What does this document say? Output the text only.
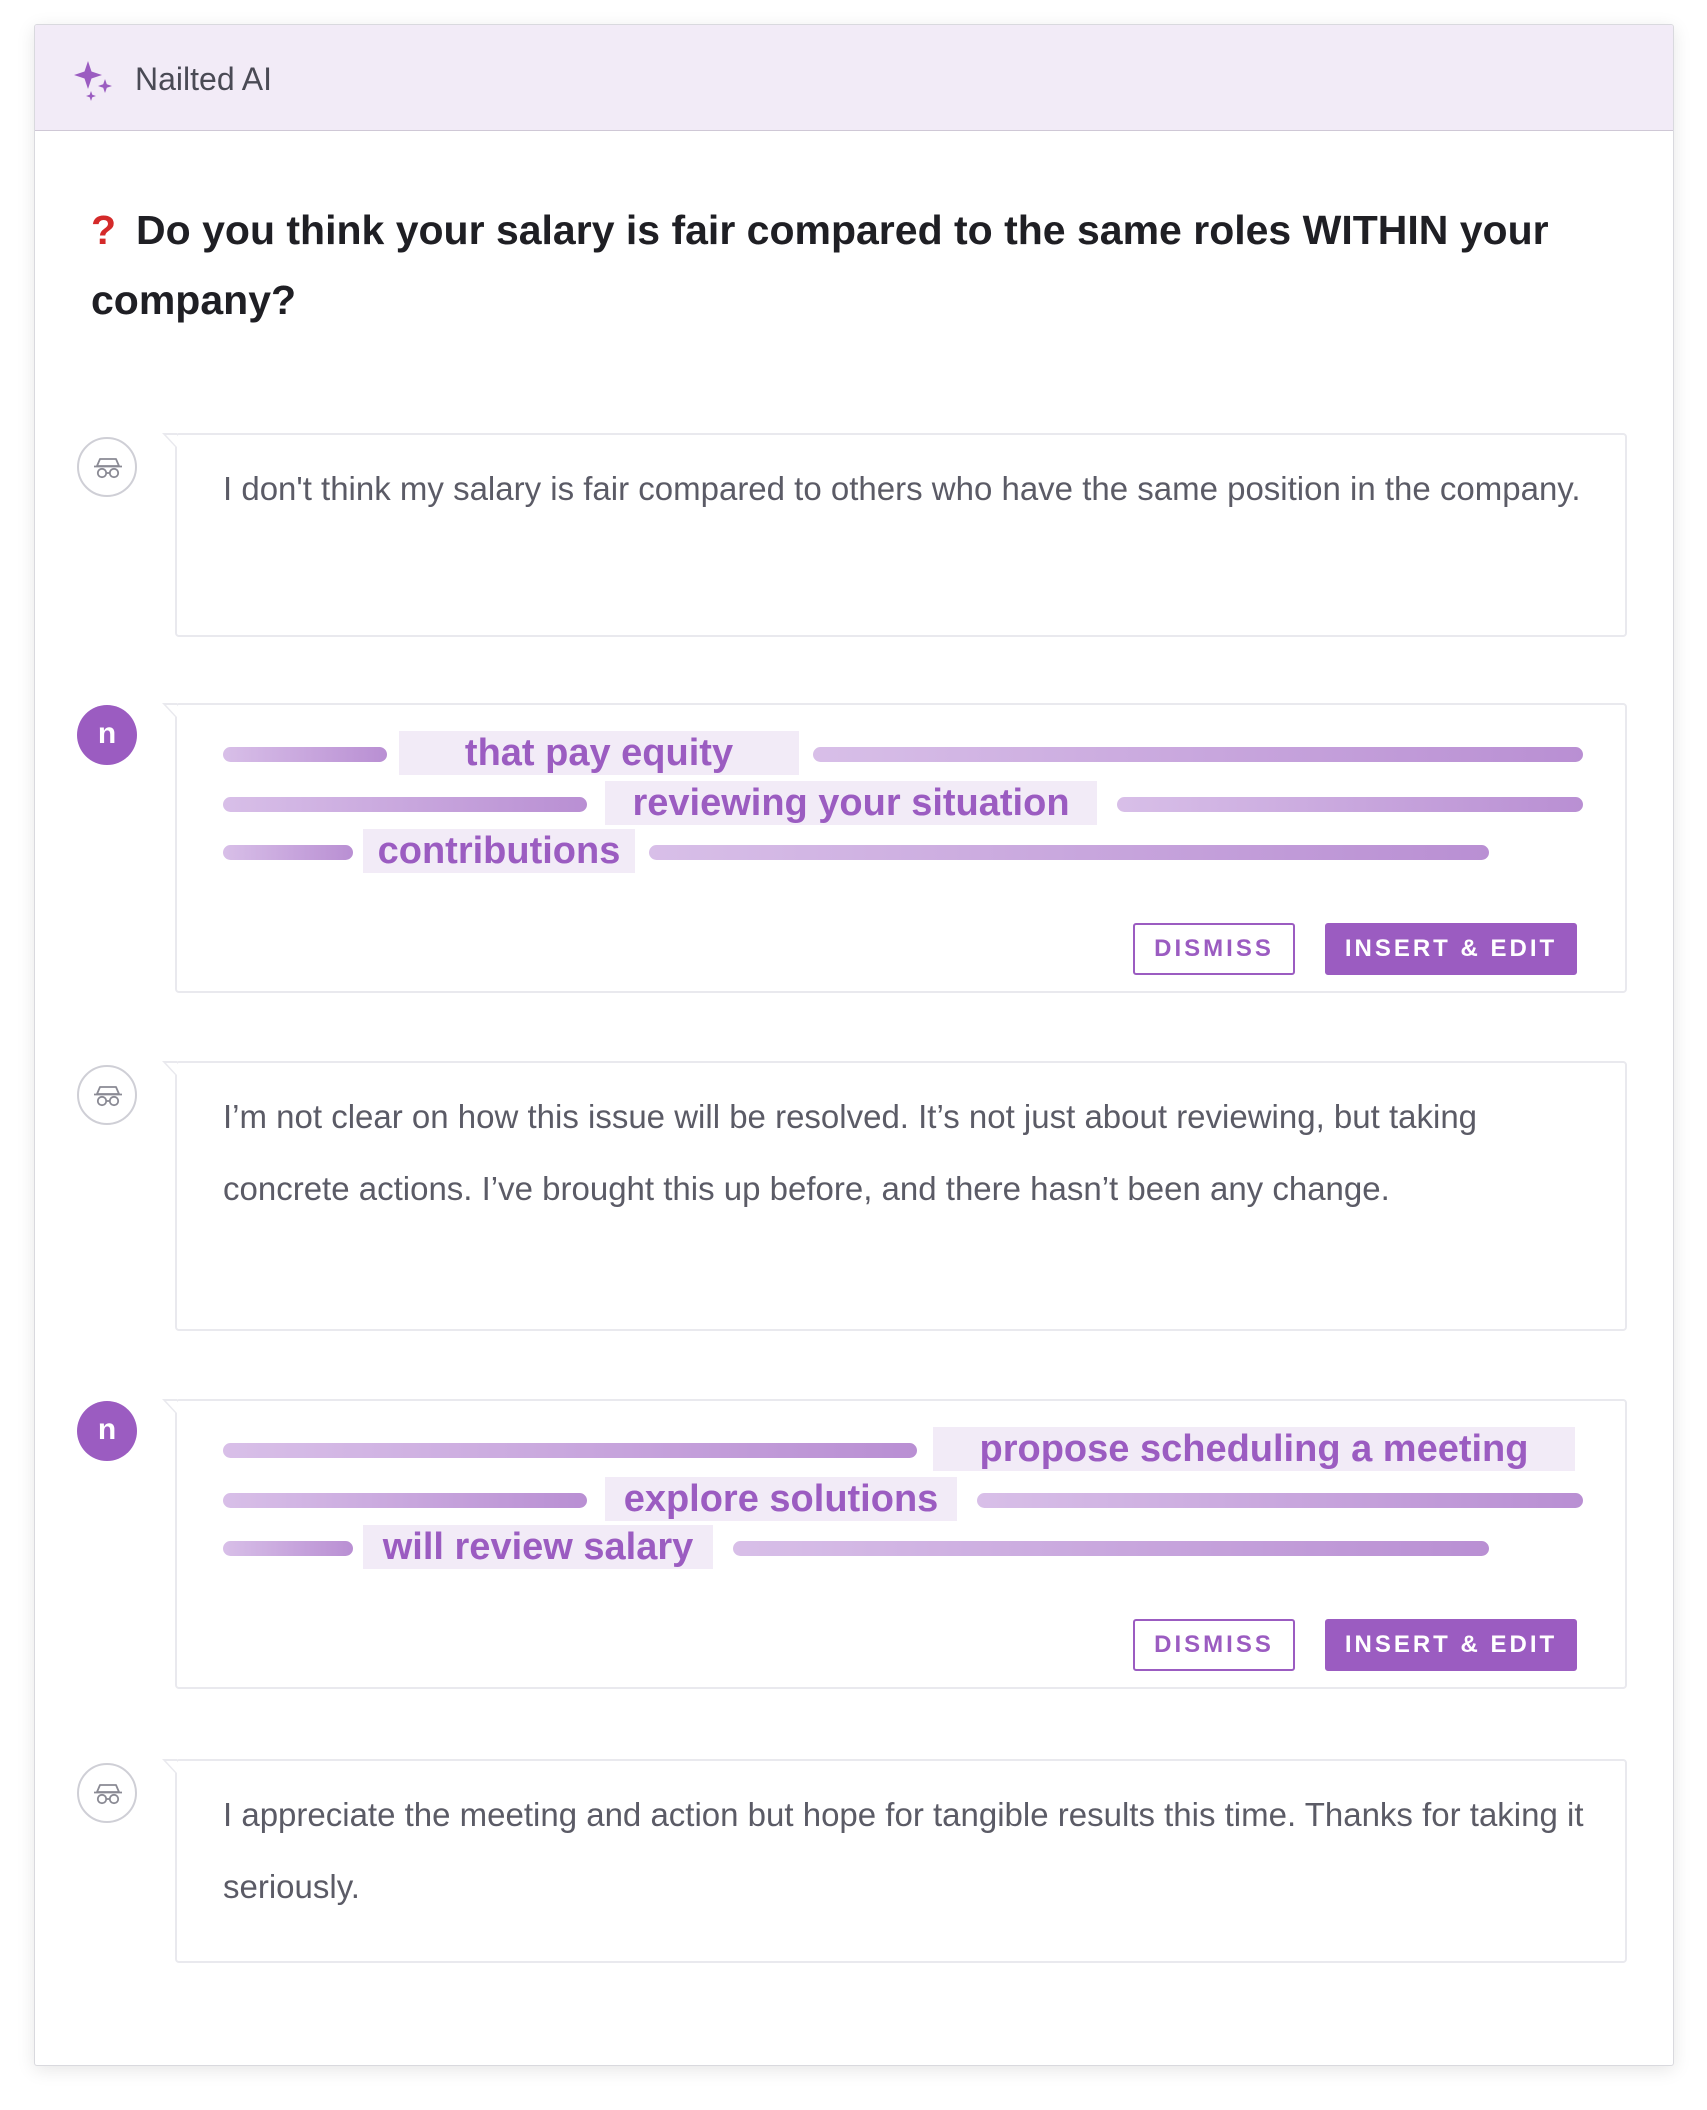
Nailted AI

? Do you think your salary is fair compared to the same roles WITHIN your company?

I don't think my salary is fair compared to others who have the same position in the company.

n	that pay equity
reviewing your situation
contributions
DISMISS	INSERT & EDIT

I’m not clear on how this issue will be resolved. It’s not just about reviewing, but taking concrete actions. I’ve brought this up before, and there hasn’t been any change.

n	propose scheduling a meeting
explore solutions
will review salary
DISMISS	INSERT & EDIT

I appreciate the meeting and action but hope for tangible results this time. Thanks for taking it seriously.
